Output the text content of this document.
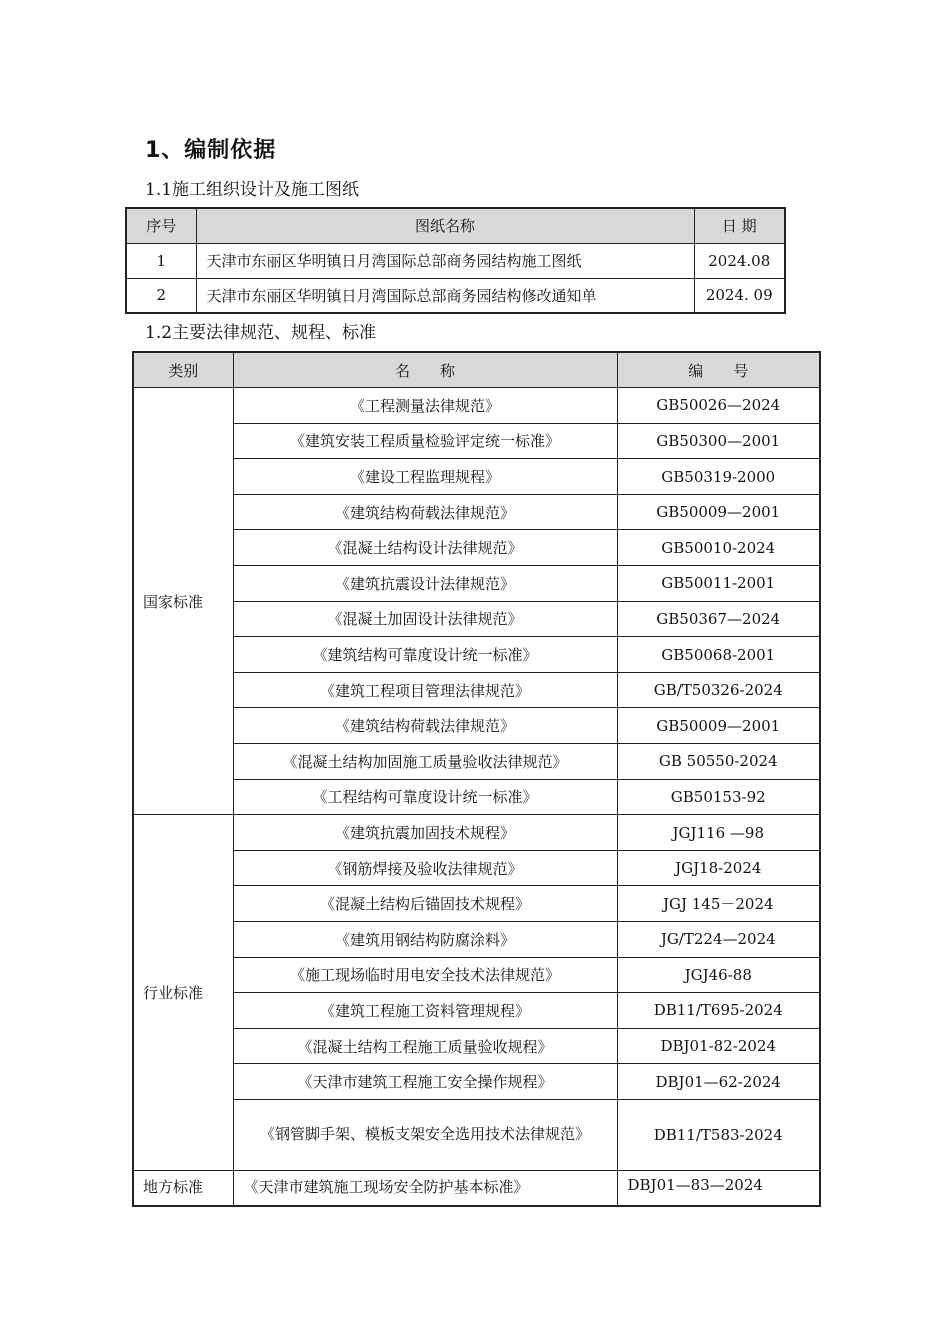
1、编制依据
1.1施工组织设计及施工图纸
序号	图纸名称	日 期
1	天津市东丽区华明镇日月湾国际总部商务园结构施工图纸	2024.08
2	天津市东丽区华明镇日月湾国际总部商务园结构修改通知单	2024. 09
1.2主要法律规范、规程、标准
类别	名　　称	编　　号
国家标准	《工程测量法律规范》	GB50026—2024
	《建筑安装工程质量检验评定统一标准》	GB50300—2001
	《建设工程监理规程》	GB50319-2000
	《建筑结构荷载法律规范》	GB50009—2001
	《混凝土结构设计法律规范》	GB50010-2024
	《建筑抗震设计法律规范》	GB50011-2001
	《混凝土加固设计法律规范》	GB50367—2024
	《建筑结构可靠度设计统一标准》	GB50068-2001
	《建筑工程项目管理法律规范》	GB/T50326-2024
	《建筑结构荷载法律规范》	GB50009—2001
	《混凝土结构加固施工质量验收法律规范》	GB 50550-2024
	《工程结构可靠度设计统一标准》	GB50153-92
行业标准	《建筑抗震加固技术规程》	JGJ116 —98
	《钢筋焊接及验收法律规范》	JGJ18-2024
	《混凝土结构后锚固技术规程》	JGJ 145－2024
	《建筑用钢结构防腐涂料》	JG/T224—2024
	《施工现场临时用电安全技术法律规范》	JGJ46-88
	《建筑工程施工资料管理规程》	DB11/T695-2024
	《混凝土结构工程施工质量验收规程》	DBJ01-82-2024
	《天津市建筑工程施工安全操作规程》	DBJ01—62-2024
	《钢管脚手架、模板支架安全选用技术法律规范》	DB11/T583-2024
地方标准	《天津市建筑施工现场安全防护基本标准》	DBJ01—83—2024
